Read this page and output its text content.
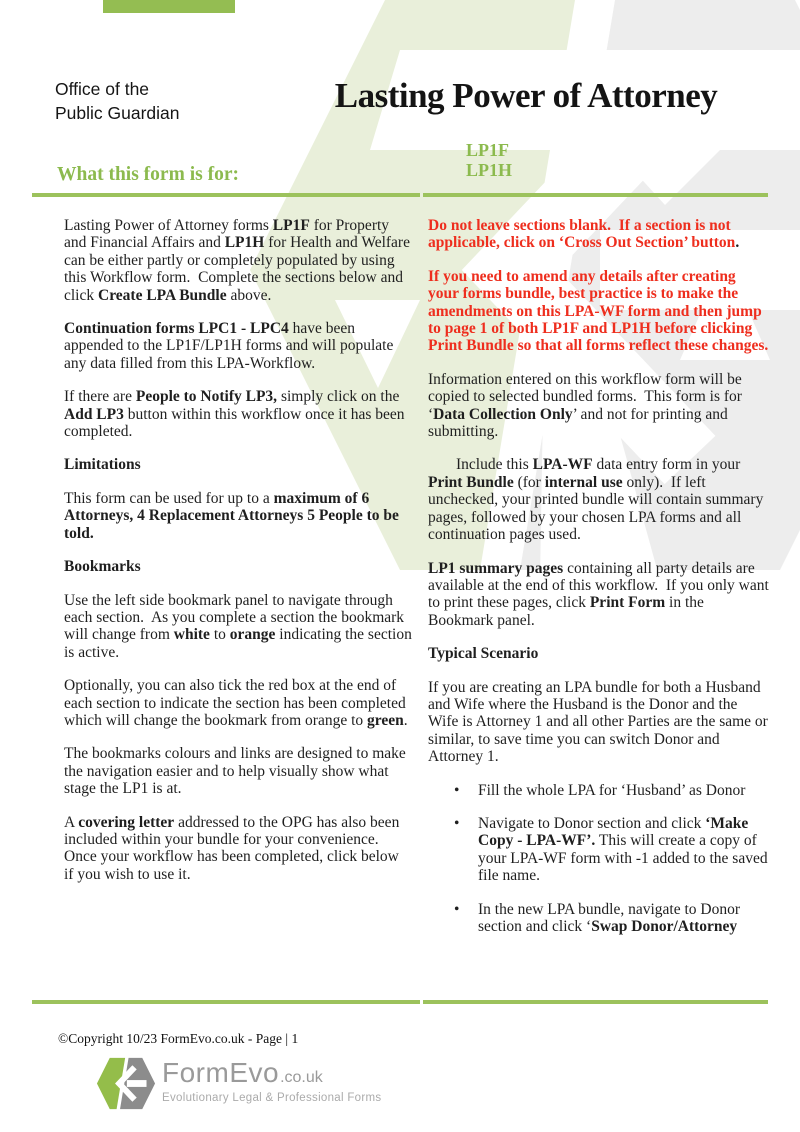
Office of the
Public Guardian	Lasting Power of Attorney
LP1F
LP1H
What this form is for:

Lasting Power of Attorney forms LP1F for Property and Financial Affairs and LP1H for Health and Welfare can be either partly or completely populated by using this Workflow form.  Complete the sections below and click Create LPA Bundle above.

Continuation forms LPC1 - LPC4 have been appended to the LP1F/LP1H forms and will populate any data filled from this LPA-Workflow.

If there are People to Notify LP3, simply click on the Add LP3 button within this workflow once it has been completed.

Limitations

This form can be used for up to a maximum of 6 Attorneys, 4 Replacement Attorneys 5 People to be told.

Bookmarks

Use the left side bookmark panel to navigate through each section.  As you complete a section the bookmark will change from white to orange indicating the section is active.

Optionally, you can also tick the red box at the end of each section to indicate the section has been completed which will change the bookmark from orange to green.

The bookmarks colours and links are designed to make the navigation easier and to help visually show what stage the LP1 is at.

A covering letter addressed to the OPG has also been included within your bundle for your convenience. Once your workflow has been completed, click below if you wish to use it.

Do not leave sections blank.  If a section is not applicable, click on ‘Cross Out Section’ button.

If you need to amend any details after creating your forms bundle, best practice is to make the amendments on this LPA-WF form and then jump to page 1 of both LP1F and LP1H before clicking Print Bundle so that all forms reflect these changes.

Information entered on this workflow form will be copied to selected bundled forms.  This form is for ‘Data Collection Only’ and not for printing and submitting.

Include this LPA-WF data entry form in your Print Bundle (for internal use only).  If left unchecked, your printed bundle will contain summary pages, followed by your chosen LPA forms and all continuation pages used.

LP1 summary pages containing all party details are available at the end of this workflow.  If you only want to print these pages, click Print Form in the Bookmark panel.

Typical Scenario

If you are creating an LPA bundle for both a Husband and Wife where the Husband is the Donor and the Wife is Attorney 1 and all other Parties are the same or similar, to save time you can switch Donor and Attorney 1.

• Fill the whole LPA for ‘Husband’ as Donor

• Navigate to Donor section and click ‘Make Copy - LPA-WF’. This will create a copy of your LPA-WF form with -1 added to the saved file name.

• In the new LPA bundle, navigate to Donor section and click ‘Swap Donor/Attorney

©Copyright 10/23 FormEvo.co.uk - Page | 1
FormEvo .co.uk
Evolutionary Legal & Professional Forms
